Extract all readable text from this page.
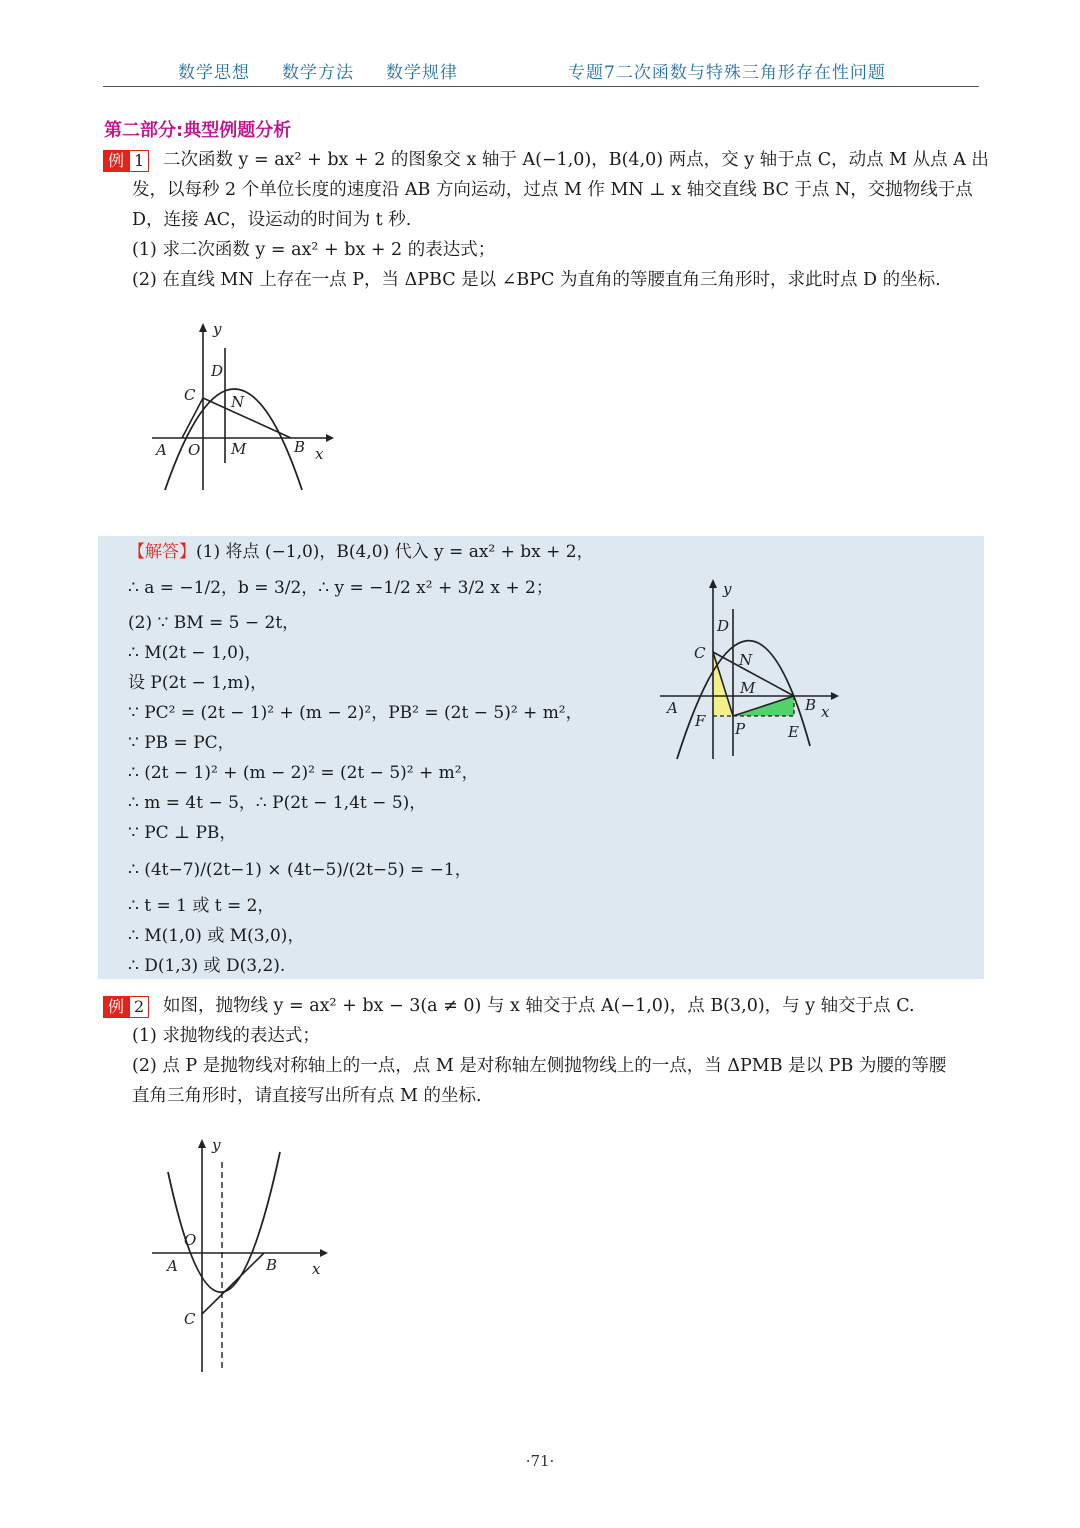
数学思想 数学方法 数学规律	专题7二次函数与特殊三角形存在性问题
第二部分:典型例题分析
例 1 二次函数 y = ax² + bx + 2 的图象交 x 轴于 A(−1,0)，B(4,0) 两点，交 y 轴于点 C，动点 M 从点 A 出
发，以每秒 2 个单位长度的速度沿 AB 方向运动，过点 M 作 MN ⊥ x 轴交直线 BC 于点 N，交抛物线于点
D，连接 AC，设运动的时间为 t 秒.
(1) 求二次函数 y = ax² + bx + 2 的表达式；
(2) 在直线 MN 上存在一点 P，当 ΔPBC 是以 ∠BPC 为直角的等腰直角三角形时，求此时点 D 的坐标.
y
x
A O M	B
C
D
N
【解答】(1) 将点 (−1,0)，B(4,0) 代入 y = ax² + bx + 2，
∴ a = −1/2，b = 3/2，∴ y = −1/2 x² + 3/2 x + 2；
(2) ∵ BM = 5 − 2t，
∴ M(2t − 1,0)，
设 P(2t − 1,m)，
∵ PC² = (2t − 1)² + (m − 2)²，PB² = (2t − 5)² + m²，
∵ PB = PC，
∴ (2t − 1)² + (m − 2)² = (2t − 5)² + m²，
∴ m = 4t − 5，∴ P(2t − 1,4t − 5)，
∵ PC ⊥ PB，
∴ (4t−7)/(2t−1) × (4t−5)/(2t−5) = −1，
∴ t = 1 或 t = 2，
∴ M(1,0) 或 M(3,0)，
∴ D(1,3) 或 D(3,2).
y
x
A
F P
M
B
E
C
D
N
例 2 如图，抛物线 y = ax² + bx − 3(a ≠ 0) 与 x 轴交于点 A(−1,0)，点 B(3,0)，与 y 轴交于点 C.
(1) 求抛物线的表达式；
(2) 点 P 是抛物线对称轴上的一点，点 M 是对称轴左侧抛物线上的一点，当 ΔPMB 是以 PB 为腰的等腰
直角三角形时，请直接写出所有点 M 的坐标.
y
x
O
A	B
C
·71·
